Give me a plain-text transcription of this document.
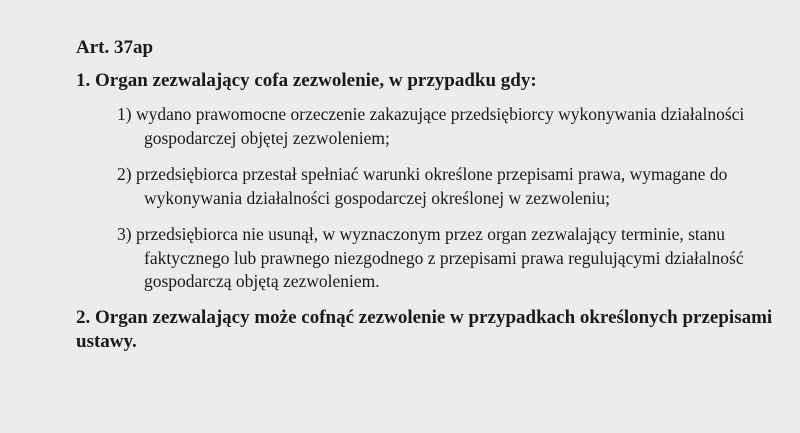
Art. 37ap
1. Organ zezwalający cofa zezwolenie, w przypadku gdy:
1) wydano prawomocne orzeczenie zakazujące przedsiębiorcy wykonywania działalności gospodarczej objętej zezwoleniem;
2) przedsiębiorca przestał spełniać warunki określone przepisami prawa, wymagane do wykonywania działalności gospodarczej określonej w zezwoleniu;
3) przedsiębiorca nie usunął, w wyznaczonym przez organ zezwalający terminie, stanu faktycznego lub prawnego niezgodnego z przepisami prawa regulującymi działalność gospodarczą objętą zezwoleniem.
2. Organ zezwalający może cofnąć zezwolenie w przypadkach określonych przepisami ustawy.
